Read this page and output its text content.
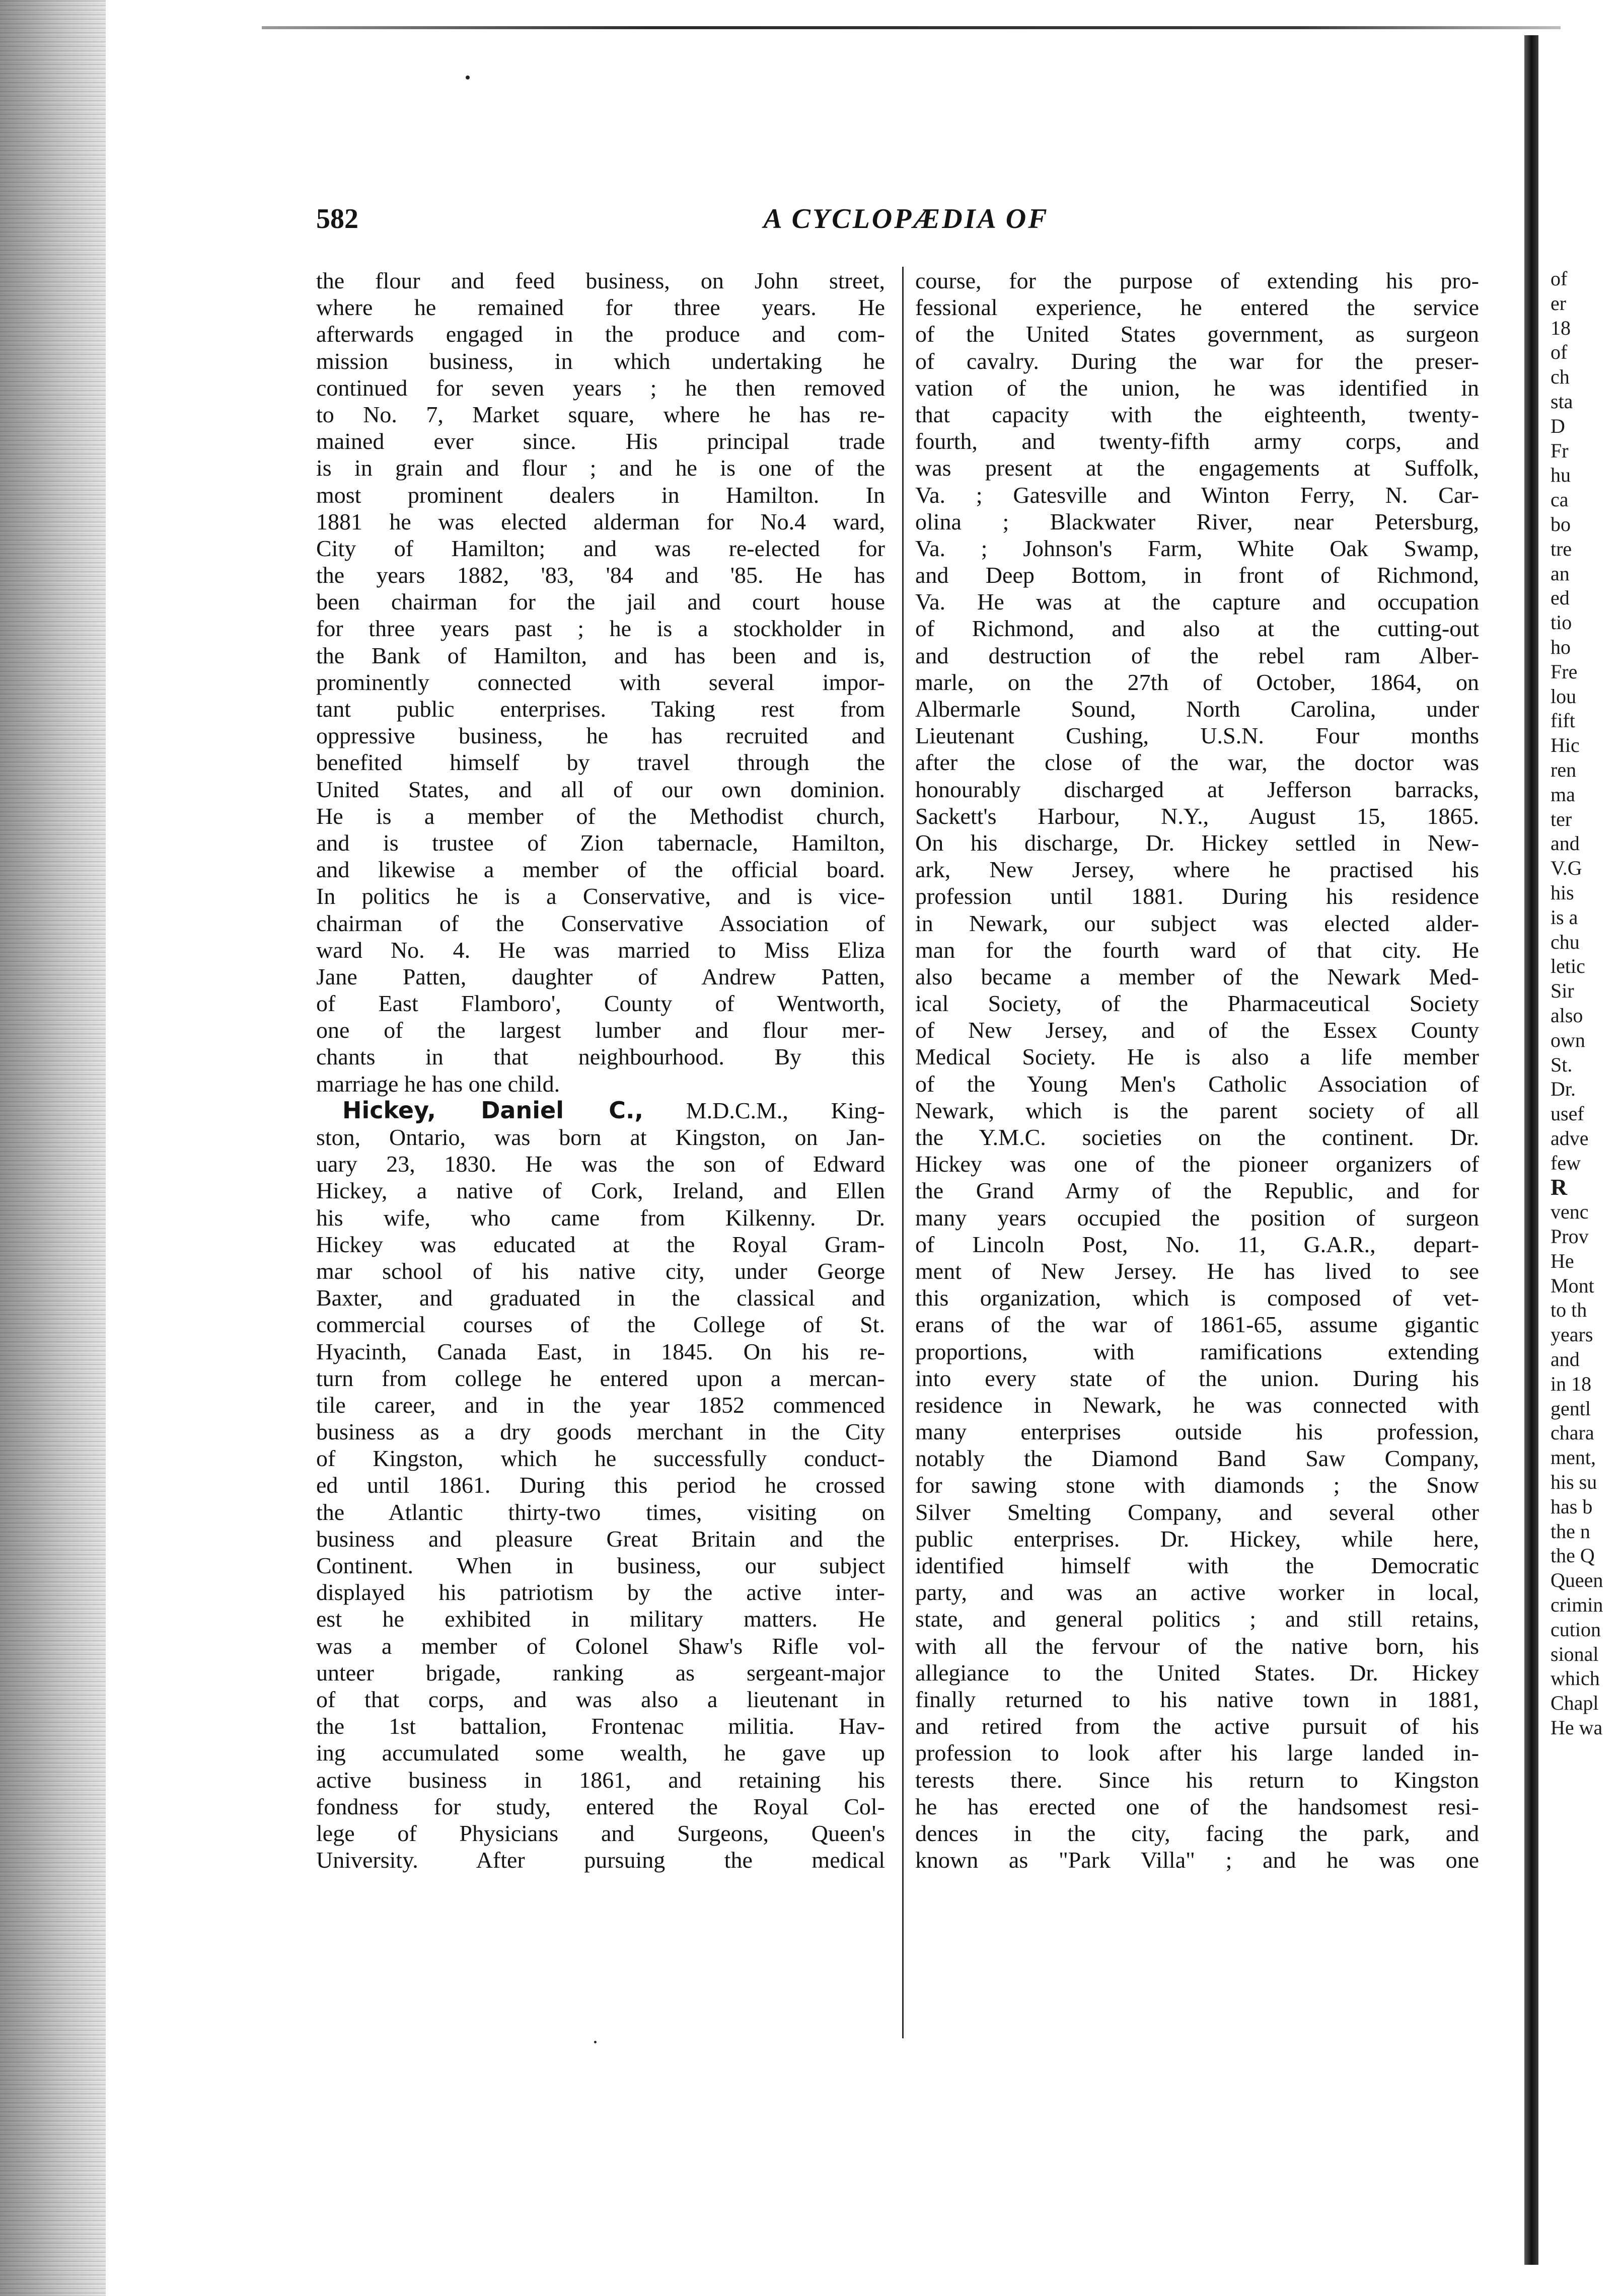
of
er
18
of
ch
sta
D
Fr
hu
ca
bo
tre
an
ed
tio
ho
Fre
lou
fift
Hic
ren
ma
ter
and
V.G
his
is a
chu
letic
Sir
also
own
St.
Dr.
usef
adve
few
R
venc
Prov
He
Mont
to th
years
and
in 18
gentl
chara
ment,
his su
has b
the n
the Q
Queen
crimin
cution
sional
which
Chapl
He wa
582	A CYCLOPÆDIA OF
the flour and feed business, on John street,
where he remained for three years. He
afterwards engaged in the produce and com-
mission business, in which undertaking he
continued for seven years ; he then removed
to No. 7, Market square, where he has re-
mained ever since. His principal trade
is in grain and flour ; and he is one of the
most prominent dealers in Hamilton. In
1881 he was elected alderman for No.4 ward,
City of Hamilton; and was re-elected for
the years 1882, '83, '84 and '85. He has
been chairman for the jail and court house
for three years past ; he is a stockholder in
the Bank of Hamilton, and has been and is,
prominently connected with several impor-
tant public enterprises. Taking rest from
oppressive business, he has recruited and
benefited himself by travel through the
United States, and all of our own dominion.
He is a member of the Methodist church,
and is trustee of Zion tabernacle, Hamilton,
and likewise a member of the official board.
In politics he is a Conservative, and is vice-
chairman of the Conservative Association of
ward No. 4. He was married to Miss Eliza
Jane Patten, daughter of Andrew Patten,
of East Flamboro', County of Wentworth,
one of the largest lumber and flour mer-
chants in that neighbourhood. By this
marriage he has one child.
Hickey, Daniel C., M.D.C.M., King-
ston, Ontario, was born at Kingston, on Jan-
uary 23, 1830. He was the son of Edward
Hickey, a native of Cork, Ireland, and Ellen
his wife, who came from Kilkenny. Dr.
Hickey was educated at the Royal Gram-
mar school of his native city, under George
Baxter, and graduated in the classical and
commercial courses of the College of St.
Hyacinth, Canada East, in 1845. On his re-
turn from college he entered upon a mercan-
tile career, and in the year 1852 commenced
business as a dry goods merchant in the City
of Kingston, which he successfully conduct-
ed until 1861. During this period he crossed
the Atlantic thirty-two times, visiting on
business and pleasure Great Britain and the
Continent. When in business, our subject
displayed his patriotism by the active inter-
est he exhibited in military matters. He
was a member of Colonel Shaw's Rifle vol-
unteer brigade, ranking as sergeant-major
of that corps, and was also a lieutenant in
the 1st battalion, Frontenac militia. Hav-
ing accumulated some wealth, he gave up
active business in 1861, and retaining his
fondness for study, entered the Royal Col-
lege of Physicians and Surgeons, Queen's
University. After pursuing the medical
course, for the purpose of extending his pro-
fessional experience, he entered the service
of the United States government, as surgeon
of cavalry. During the war for the preser-
vation of the union, he was identified in
that capacity with the eighteenth, twenty-
fourth, and twenty-fifth army corps, and
was present at the engagements at Suffolk,
Va. ; Gatesville and Winton Ferry, N. Car-
olina ; Blackwater River, near Petersburg,
Va. ; Johnson's Farm, White Oak Swamp,
and Deep Bottom, in front of Richmond,
Va. He was at the capture and occupation
of Richmond, and also at the cutting-out
and destruction of the rebel ram Alber-
marle, on the 27th of October, 1864, on
Albermarle Sound, North Carolina, under
Lieutenant Cushing, U.S.N. Four months
after the close of the war, the doctor was
honourably discharged at Jefferson barracks,
Sackett's Harbour, N.Y., August 15, 1865.
On his discharge, Dr. Hickey settled in New-
ark, New Jersey, where he practised his
profession until 1881. During his residence
in Newark, our subject was elected alder-
man for the fourth ward of that city. He
also became a member of the Newark Med-
ical Society, of the Pharmaceutical Society
of New Jersey, and of the Essex County
Medical Society. He is also a life member
of the Young Men's Catholic Association of
Newark, which is the parent society of all
the Y.M.C. societies on the continent. Dr.
Hickey was one of the pioneer organizers of
the Grand Army of the Republic, and for
many years occupied the position of surgeon
of Lincoln Post, No. 11, G.A.R., depart-
ment of New Jersey. He has lived to see
this organization, which is composed of vet-
erans of the war of 1861-65, assume gigantic
proportions, with ramifications extending
into every state of the union. During his
residence in Newark, he was connected with
many enterprises outside his profession,
notably the Diamond Band Saw Company,
for sawing stone with diamonds ; the Snow
Silver Smelting Company, and several other
public enterprises. Dr. Hickey, while here,
identified himself with the Democratic
party, and was an active worker in local,
state, and general politics ; and still retains,
with all the fervour of the native born, his
allegiance to the United States. Dr. Hickey
finally returned to his native town in 1881,
and retired from the active pursuit of his
profession to look after his large landed in-
terests there. Since his return to Kingston
he has erected one of the handsomest resi-
dences in the city, facing the park, and
known as "Park Villa" ; and he was one
